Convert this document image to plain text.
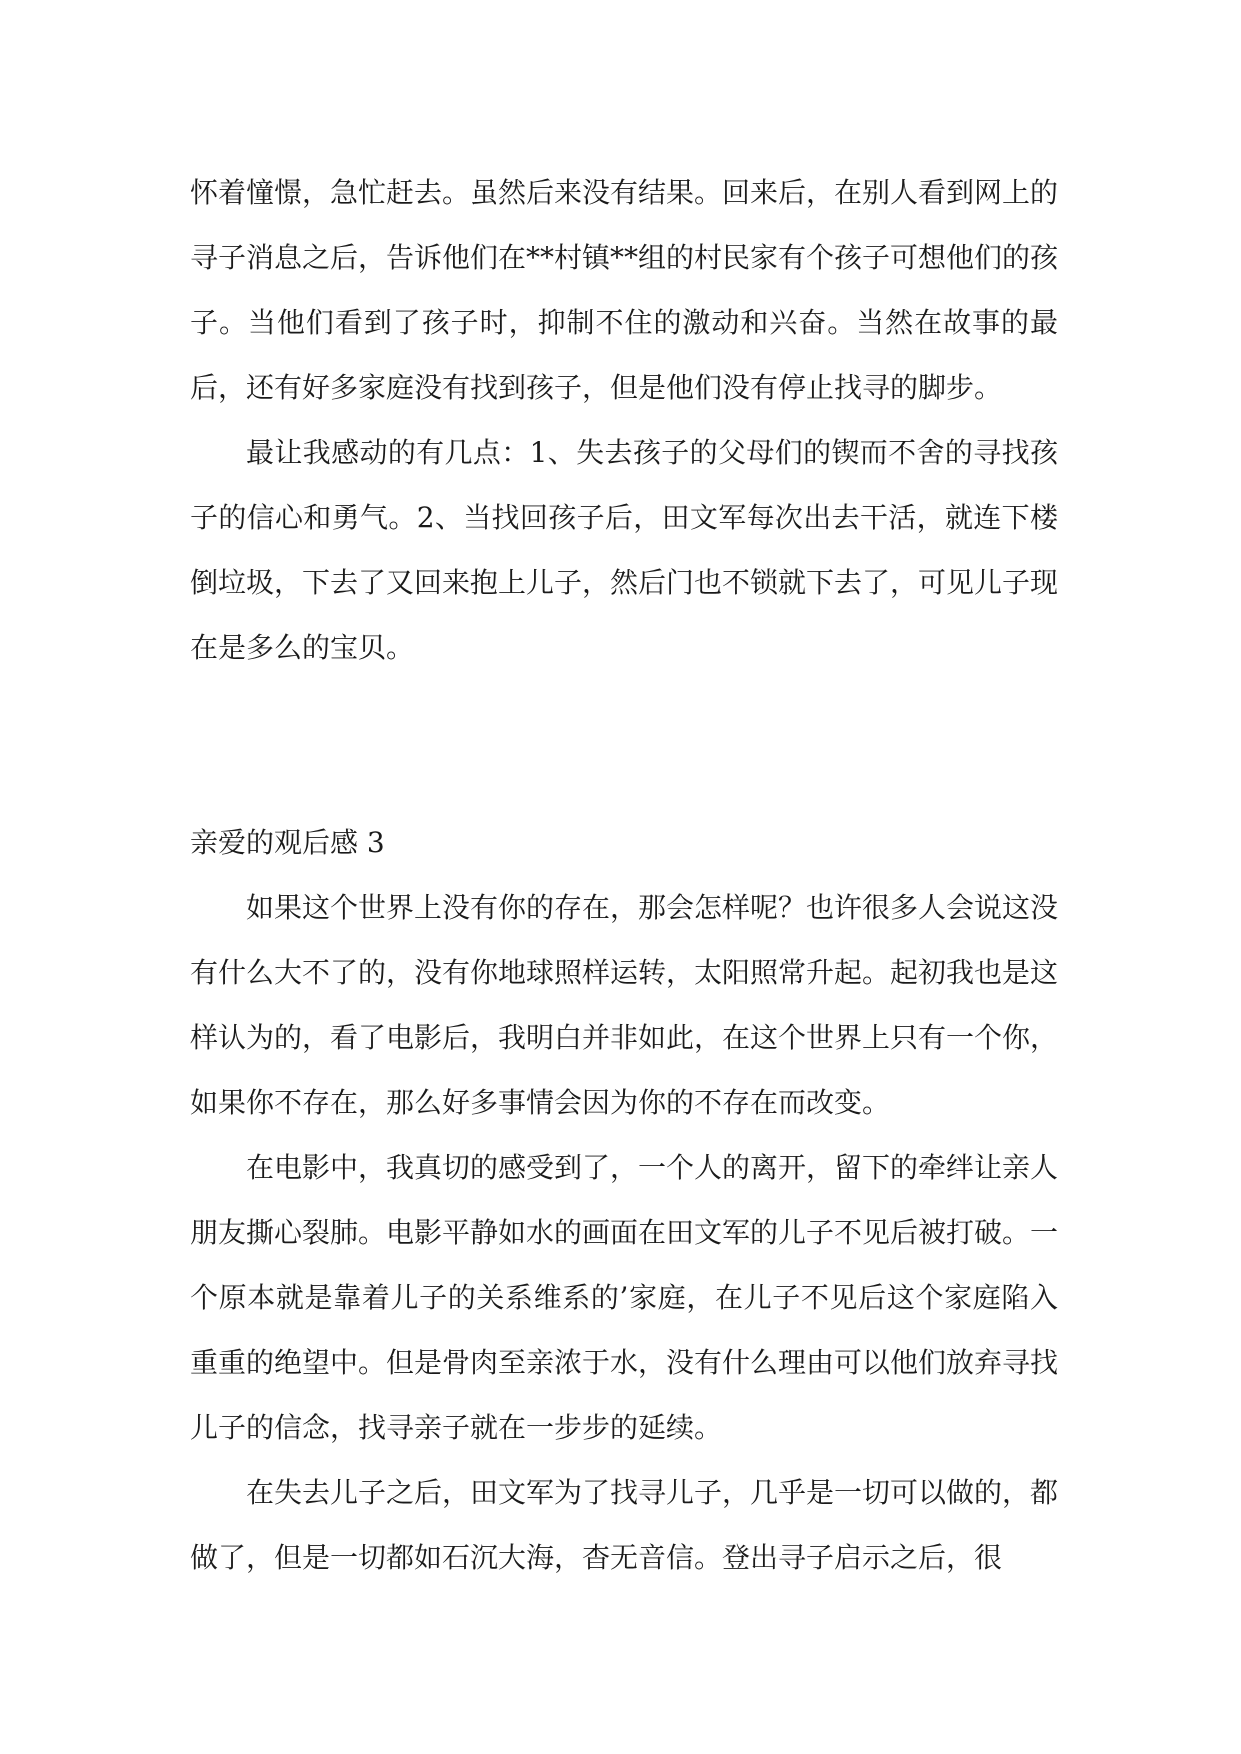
怀着憧憬，急忙赶去。虽然后来没有结果。回来后，在别人看到网上的寻子消息之后，告诉他们在**村镇**组的村民家有个孩子可想他们的孩子。当他们看到了孩子时，抑制不住的激动和兴奋。当然在故事的最后，还有好多家庭没有找到孩子，但是他们没有停止找寻的脚步。

最让我感动的有几点：1、失去孩子的父母们的锲而不舍的寻找孩子的信心和勇气。2、当找回孩子后，田文军每次出去干活，就连下楼倒垃圾，下去了又回来抱上儿子，然后门也不锁就下去了，可见儿子现在是多么的宝贝。

亲爱的观后感 3

如果这个世界上没有你的存在，那会怎样呢？也许很多人会说这没有什么大不了的，没有你地球照样运转，太阳照常升起。起初我也是这样认为的，看了电影后，我明白并非如此，在这个世界上只有一个你，如果你不存在，那么好多事情会因为你的不存在而改变。

在电影中，我真切的感受到了，一个人的离开，留下的牵绊让亲人朋友撕心裂肺。电影平静如水的画面在田文军的儿子不见后被打破。一个原本就是靠着儿子的关系维系的’家庭，在儿子不见后这个家庭陷入重重的绝望中。但是骨肉至亲浓于水，没有什么理由可以他们放弃寻找儿子的信念，找寻亲子就在一步步的延续。

在失去儿子之后，田文军为了找寻儿子，几乎是一切可以做的，都做了，但是一切都如石沉大海，杳无音信。登出寻子启示之后，很
